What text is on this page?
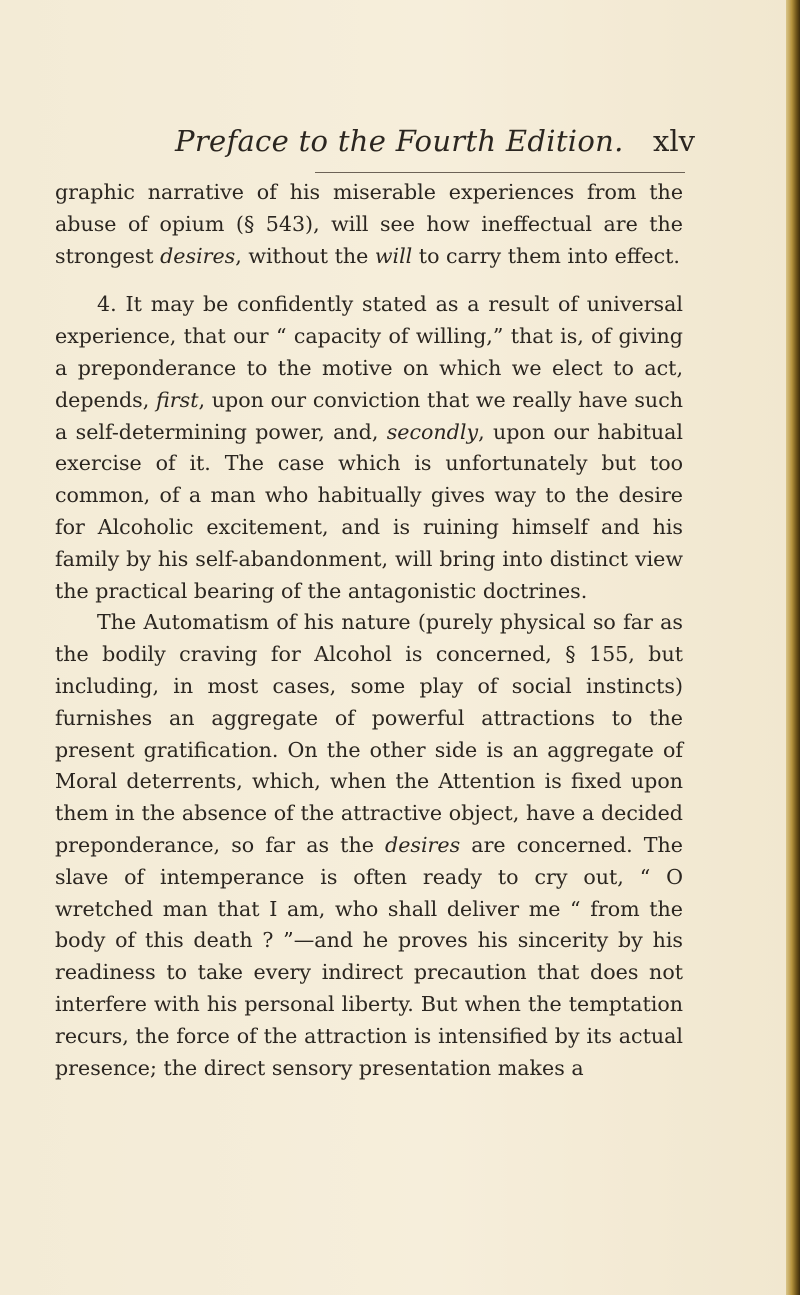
Preface to the Fourth Edition. xlv

graphic narrative of his miserable experiences from the abuse of opium (§ 543), will see how ineffectual are the strongest desires, without the will to carry them into effect.

4. It may be confidently stated as a result of universal experience, that our “ capacity of willing,” that is, of giving a preponderance to the motive on which we elect to act, depends, first, upon our conviction that we really have such a self-determining power, and, secondly, upon our habitual exercise of it. The case which is unfortunately but too common, of a man who habitually gives way to the desire for Alcoholic excitement, and is ruining himself and his family by his self-abandonment, will bring into distinct view the practical bearing of the antagonistic doctrines.

The Automatism of his nature (purely physical so far as the bodily craving for Alcohol is concerned, § 155, but including, in most cases, some play of social instincts) furnishes an aggregate of powerful attractions to the present gratification. On the other side is an aggregate of Moral deterrents, which, when the Attention is fixed upon them in the absence of the attractive object, have a decided preponderance, so far as the desires are concerned. The slave of intemperance is often ready to cry out, “ O wretched man that I am, who shall deliver me “ from the body of this death ? ”—and he proves his sincerity by his readiness to take every indirect precaution that does not interfere with his personal liberty. But when the temptation recurs, the force of the attraction is intensified by its actual presence; the direct sensory presentation makes a
